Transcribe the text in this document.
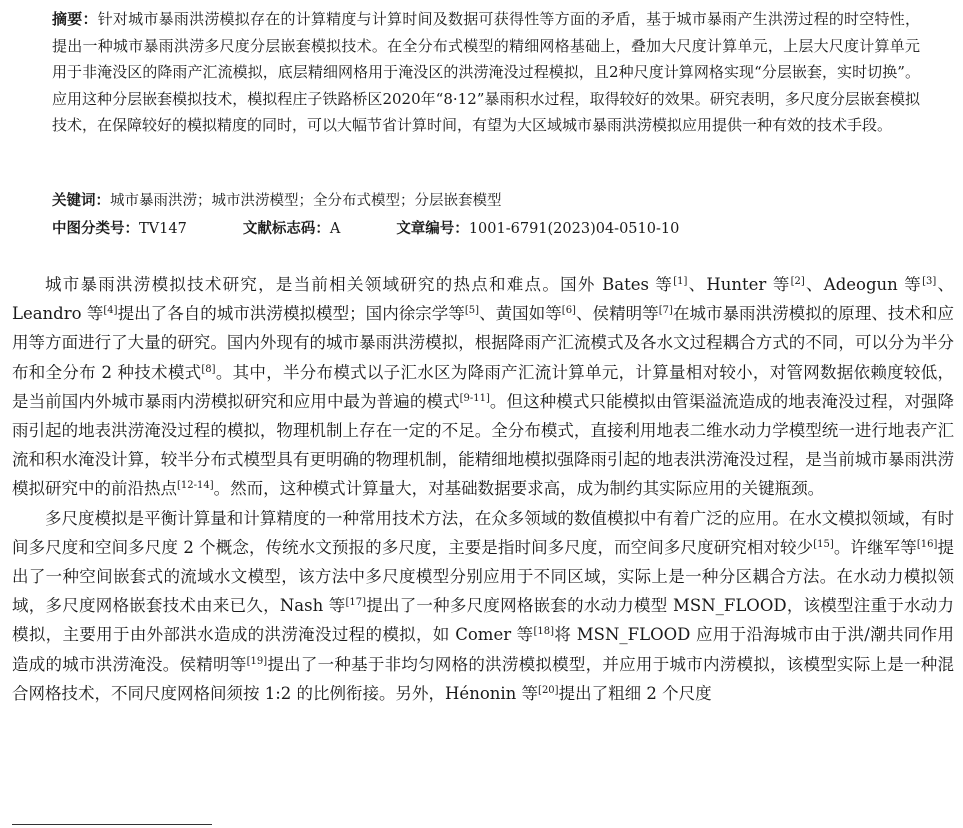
摘要：针对城市暴雨洪涝模拟存在的计算精度与计算时间及数据可获得性等方面的矛盾，基于城市暴雨产生洪涝过程的时空特性，提出一种城市暴雨洪涝多尺度分层嵌套模拟技术。在全分布式模型的精细网格基础上，叠加大尺度计算单元，上层大尺度计算单元用于非淹没区的降雨产汇流模拟，底层精细网格用于淹没区的洪涝淹没过程模拟，且2种尺度计算网格实现“分层嵌套，实时切换”。应用这种分层嵌套模拟技术，模拟程庄子铁路桥区2020年“8·12”暴雨积水过程，取得较好的效果。研究表明，多尺度分层嵌套模拟技术，在保障较好的模拟精度的同时，可以大幅节省计算时间，有望为大区域城市暴雨洪涝模拟应用提供一种有效的技术手段。
关键词：城市暴雨洪涝；城市洪涝模型；全分布式模型；分层嵌套模型
中图分类号：TV147	文献标志码：A	文章编号：1001-6791(2023)04-0510-10

城市暴雨洪涝模拟技术研究，是当前相关领域研究的热点和难点。国外 Bates 等[1]、Hunter 等[2]、Adeogun 等[3]、Leandro 等[4]提出了各自的城市洪涝模拟模型；国内徐宗学等[5]、黄国如等[6]、侯精明等[7]在城市暴雨洪涝模拟的原理、技术和应用等方面进行了大量的研究。国内外现有的城市暴雨洪涝模拟，根据降雨产汇流模式及各水文过程耦合方式的不同，可以分为半分布和全分布 2 种技术模式[8]。其中，半分布模式以子汇水区为降雨产汇流计算单元，计算量相对较小，对管网数据依赖度较低，是当前国内外城市暴雨内涝模拟研究和应用中最为普遍的模式[9-11]。但这种模式只能模拟由管渠溢流造成的地表淹没过程，对强降雨引起的地表洪涝淹没过程的模拟，物理机制上存在一定的不足。全分布模式，直接利用地表二维水动力学模型统一进行地表产汇流和积水淹没计算，较半分布式模型具有更明确的物理机制，能精细地模拟强降雨引起的地表洪涝淹没过程，是当前城市暴雨洪涝模拟研究中的前沿热点[12-14]。然而，这种模式计算量大，对基础数据要求高，成为制约其实际应用的关键瓶颈。

多尺度模拟是平衡计算量和计算精度的一种常用技术方法，在众多领域的数值模拟中有着广泛的应用。在水文模拟领域，有时间多尺度和空间多尺度 2 个概念，传统水文预报的多尺度，主要是指时间多尺度，而空间多尺度研究相对较少[15]。许继军等[16]提出了一种空间嵌套式的流域水文模型，该方法中多尺度模型分别应用于不同区域，实际上是一种分区耦合方法。在水动力模拟领域，多尺度网格嵌套技术由来已久，Nash 等[17]提出了一种多尺度网格嵌套的水动力模型 MSN_FLOOD，该模型注重于水动力模拟，主要用于由外部洪水造成的洪涝淹没过程的模拟，如 Comer 等[18]将 MSN_FLOOD 应用于沿海城市由于洪/潮共同作用造成的城市洪涝淹没。侯精明等[19]提出了一种基于非均匀网格的洪涝模拟模型，并应用于城市内涝模拟，该模型实际上是一种混合网格技术，不同尺度网格间须按 1:2 的比例衔接。另外，Hénonin 等[20]提出了粗细 2 个尺度
